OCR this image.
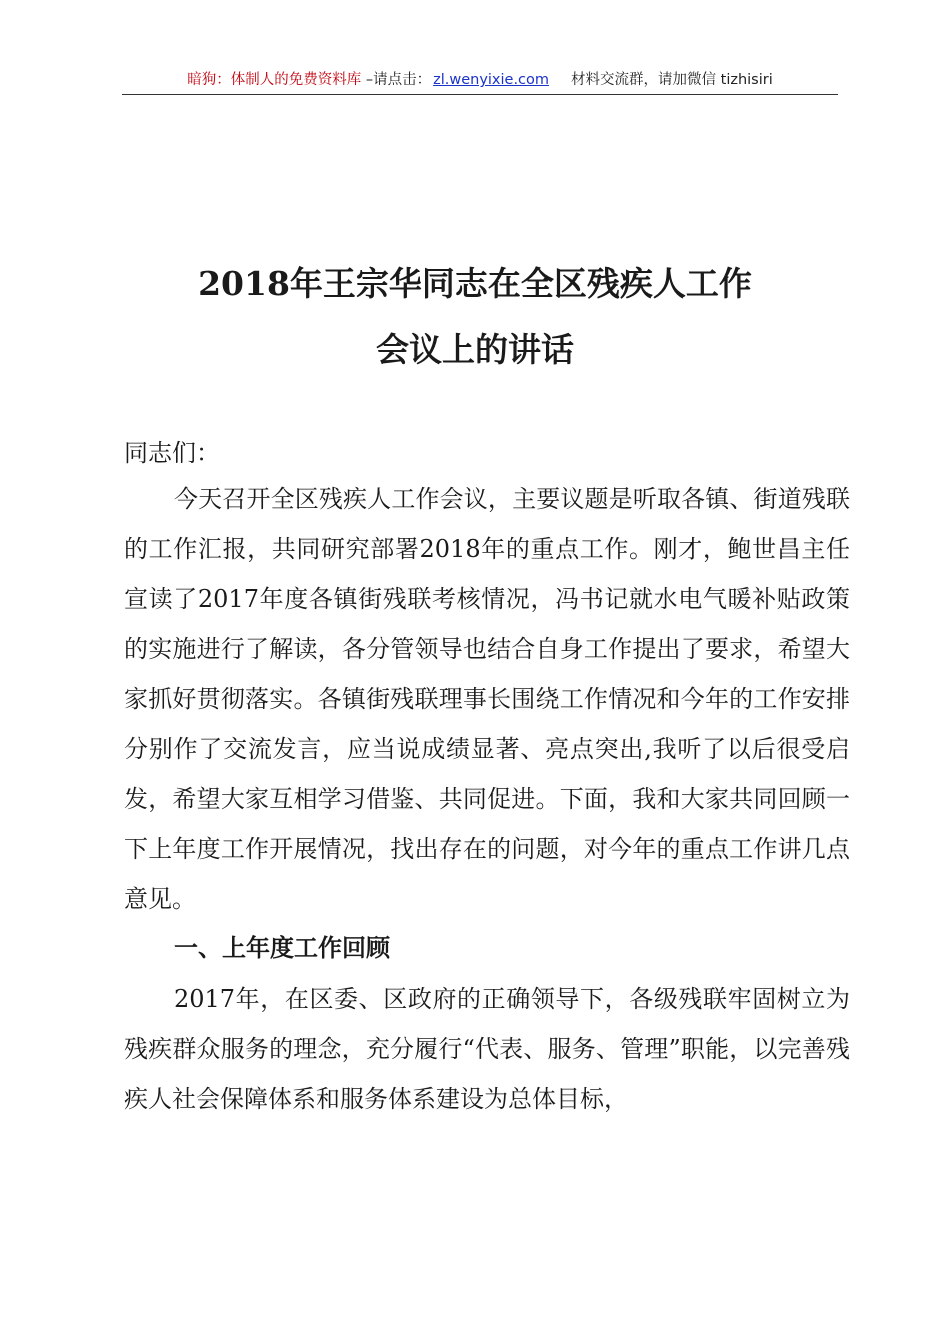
暗狗：体制人的免费资料库 –请点击： zl.wenyixie.com 材料交流群，请加微信 tizhisiri
2018年王宗华同志在全区残疾人工作
会议上的讲话
同志们：
今天召开全区残疾人工作会议，主要议题是听取各镇、街道残联的工作汇报，共同研究部署2018年的重点工作。刚才，鲍世昌主任宣读了2017年度各镇街残联考核情况，冯书记就水电气暖补贴政策的实施进行了解读，各分管领导也结合自身工作提出了要求，希望大家抓好贯彻落实。各镇街残联理事长围绕工作情况和今年的工作安排分别作了交流发言，应当说成绩显著、亮点突出,我听了以后很受启发，希望大家互相学习借鉴、共同促进。下面，我和大家共同回顾一下上年度工作开展情况，找出存在的问题，对今年的重点工作讲几点意见。
一、上年度工作回顾
2017年，在区委、区政府的正确领导下，各级残联牢固树立为残疾群众服务的理念，充分履行“代表、服务、管理”职能，以完善残疾人社会保障体系和服务体系建设为总体目标，
